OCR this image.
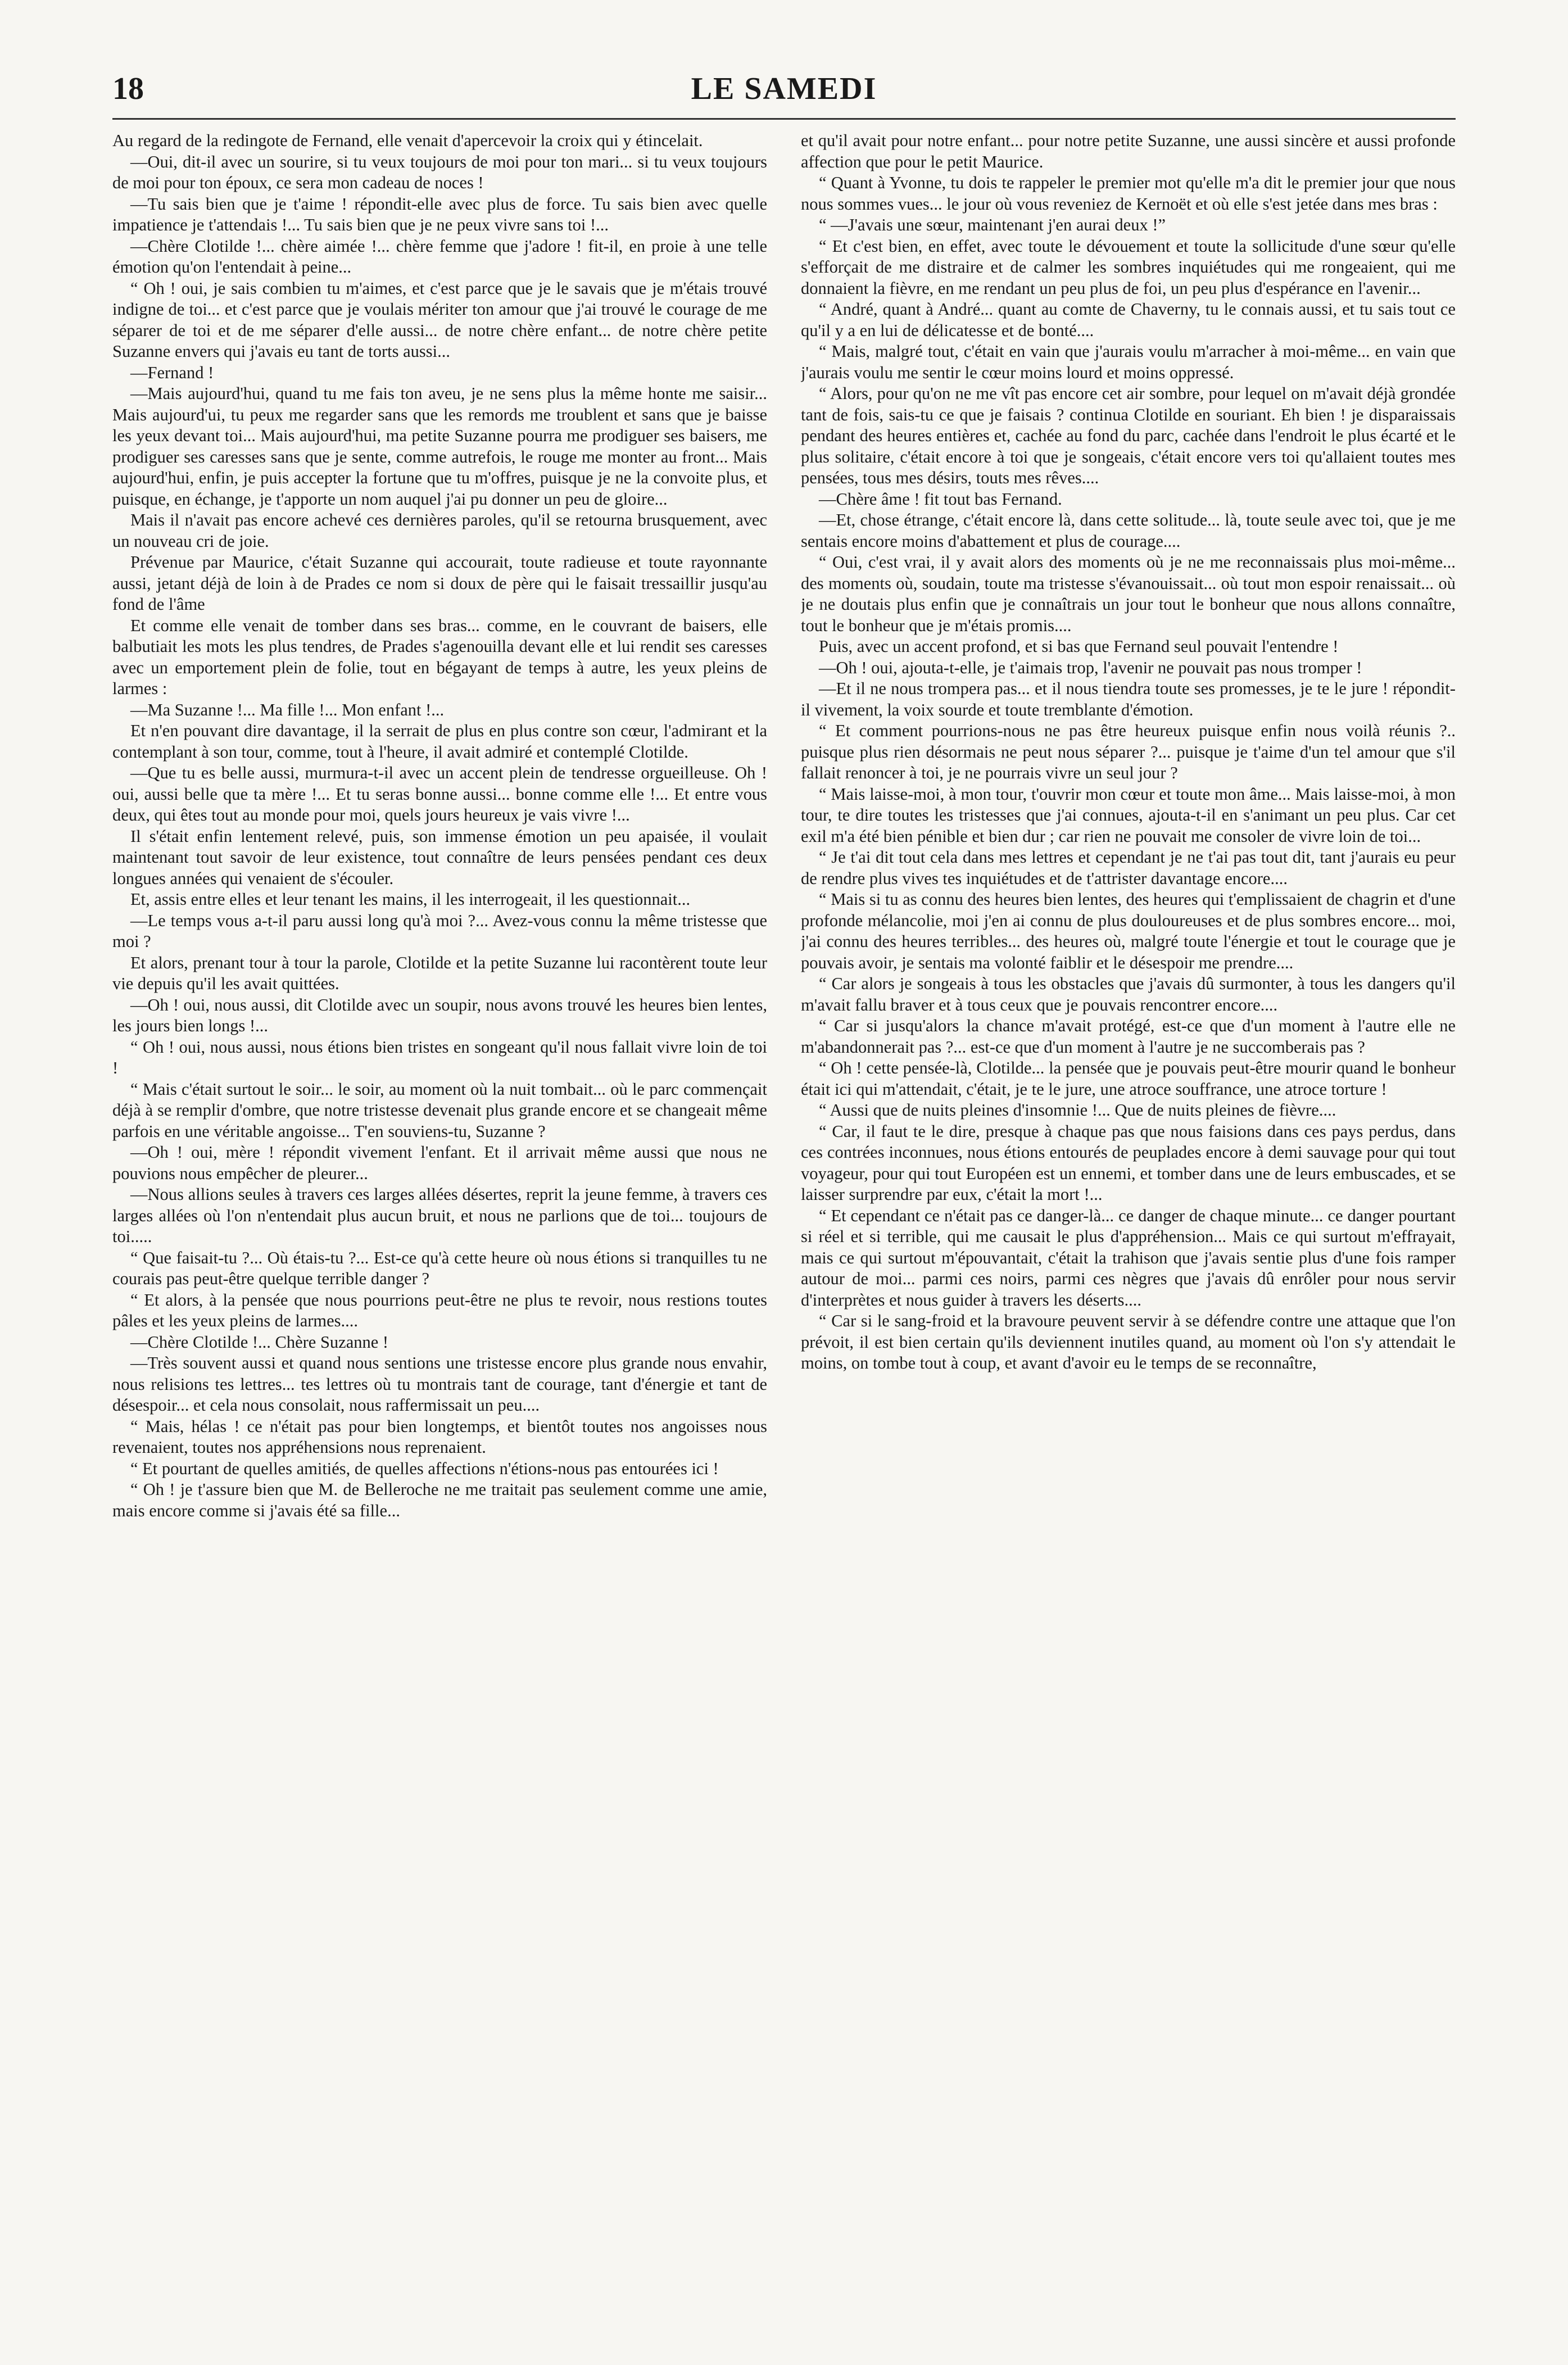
18	LE SAMEDI

Au regard de la redingote de Fernand, elle venait d'apercevoir la croix qui y étincelait.

—Oui, dit-il avec un sourire, si tu veux toujours de moi pour ton mari... si tu veux toujours de moi pour ton époux, ce sera mon cadeau de noces !

—Tu sais bien que je t'aime ! répondit-elle avec plus de force. Tu sais bien avec quelle impatience je t'attendais !... Tu sais bien que je ne peux vivre sans toi !...

—Chère Clotilde !... chère aimée !... chère femme que j'adore ! fit-il, en proie à une telle émotion qu'on l'entendait à peine...

“ Oh ! oui, je sais combien tu m'aimes, et c'est parce que je le savais que je m'étais trouvé indigne de toi... et c'est parce que je voulais mériter ton amour que j'ai trouvé le courage de me séparer de toi et de me séparer d'elle aussi... de notre chère enfant... de notre chère petite Suzanne envers qui j'avais eu tant de torts aussi...

—Fernand !

—Mais aujourd'hui, quand tu me fais ton aveu, je ne sens plus la même honte me saisir... Mais aujourd'ui, tu peux me regarder sans que les remords me troublent et sans que je baisse les yeux devant toi... Mais aujourd'hui, ma petite Suzanne pourra me prodiguer ses baisers, me prodiguer ses caresses sans que je sente, comme autrefois, le rouge me monter au front... Mais aujourd'hui, enfin, je puis accepter la fortune que tu m'offres, puisque je ne la convoite plus, et puisque, en échange, je t'apporte un nom auquel j'ai pu donner un peu de gloire...

Mais il n'avait pas encore achevé ces dernières paroles, qu'il se retourna brusquement, avec un nouveau cri de joie.

Prévenue par Maurice, c'était Suzanne qui accourait, toute radieuse et toute rayonnante aussi, jetant déjà de loin à de Prades ce nom si doux de père qui le faisait tressaillir jusqu'au fond de l'âme

Et comme elle venait de tomber dans ses bras... comme, en le couvrant de baisers, elle balbutiait les mots les plus tendres, de Prades s'agenouilla devant elle et lui rendit ses caresses avec un emportement plein de folie, tout en bégayant de temps à autre, les yeux pleins de larmes :

—Ma Suzanne !... Ma fille !... Mon enfant !...

Et n'en pouvant dire davantage, il la serrait de plus en plus contre son cœur, l'admirant et la contemplant à son tour, comme, tout à l'heure, il avait admiré et contemplé Clotilde.

—Que tu es belle aussi, murmura-t-il avec un accent plein de tendresse orgueilleuse. Oh ! oui, aussi belle que ta mère !... Et tu seras bonne aussi... bonne comme elle !... Et entre vous deux, qui êtes tout au monde pour moi, quels jours heureux je vais vivre !...

Il s'était enfin lentement relevé, puis, son immense émotion un peu apaisée, il voulait maintenant tout savoir de leur existence, tout connaître de leurs pensées pendant ces deux longues années qui venaient de s'écouler.

Et, assis entre elles et leur tenant les mains, il les interrogeait, il les questionnait...

—Le temps vous a-t-il paru aussi long qu'à moi ?... Avez-vous connu la même tristesse que moi ?

Et alors, prenant tour à tour la parole, Clotilde et la petite Suzanne lui racontèrent toute leur vie depuis qu'il les avait quittées.

—Oh ! oui, nous aussi, dit Clotilde avec un soupir, nous avons trouvé les heures bien lentes, les jours bien longs !...

“ Oh ! oui, nous aussi, nous étions bien tristes en songeant qu'il nous fallait vivre loin de toi !

“ Mais c'était surtout le soir... le soir, au moment où la nuit tombait... où le parc commençait déjà à se remplir d'ombre, que notre tristesse devenait plus grande encore et se changeait même parfois en une véritable angoisse... T'en souviens-tu, Suzanne ?

—Oh ! oui, mère ! répondit vivement l'enfant. Et il arrivait même aussi que nous ne pouvions nous empêcher de pleurer...

—Nous allions seules à travers ces larges allées désertes, reprit la jeune femme, à travers ces larges allées où l'on n'entendait plus aucun bruit, et nous ne parlions que de toi... toujours de toi.....

“ Que faisait-tu ?... Où étais-tu ?... Est-ce qu'à cette heure où nous étions si tranquilles tu ne courais pas peut-être quelque terrible danger ?

“ Et alors, à la pensée que nous pourrions peut-être ne plus te revoir, nous restions toutes pâles et les yeux pleins de larmes....

—Chère Clotilde !... Chère Suzanne !

—Très souvent aussi et quand nous sentions une tristesse encore plus grande nous envahir, nous relisions tes lettres... tes lettres où tu montrais tant de courage, tant d'énergie et tant de désespoir... et cela nous consolait, nous raffermissait un peu....

“ Mais, hélas ! ce n'était pas pour bien longtemps, et bientôt toutes nos angoisses nous revenaient, toutes nos appréhensions nous reprenaient.

“ Et pourtant de quelles amitiés, de quelles affections n'étions-nous pas entourées ici !

“ Oh ! je t'assure bien que M. de Belleroche ne me traitait pas seulement comme une amie, mais encore comme si j'avais été sa fille...

et qu'il avait pour notre enfant... pour notre petite Suzanne, une aussi sincère et aussi profonde affection que pour le petit Maurice.

“ Quant à Yvonne, tu dois te rappeler le premier mot qu'elle m'a dit le premier jour que nous nous sommes vues... le jour où vous reveniez de Kernoët et où elle s'est jetée dans mes bras :

“ —J'avais une sœur, maintenant j'en aurai deux !”

“ Et c'est bien, en effet, avec toute le dévouement et toute la sollicitude d'une sœur qu'elle s'efforçait de me distraire et de calmer les sombres inquiétudes qui me rongeaient, qui me donnaient la fièvre, en me rendant un peu plus de foi, un peu plus d'espérance en l'avenir...

“ André, quant à André... quant au comte de Chaverny, tu le connais aussi, et tu sais tout ce qu'il y a en lui de délicatesse et de bonté....

“ Mais, malgré tout, c'était en vain que j'aurais voulu m'arracher à moi-même... en vain que j'aurais voulu me sentir le cœur moins lourd et moins oppressé.

“ Alors, pour qu'on ne me vît pas encore cet air sombre, pour lequel on m'avait déjà grondée tant de fois, sais-tu ce que je faisais ? continua Clotilde en souriant. Eh bien ! je disparaissais pendant des heures entières et, cachée au fond du parc, cachée dans l'endroit le plus écarté et le plus solitaire, c'était encore à toi que je songeais, c'était encore vers toi qu'allaient toutes mes pensées, tous mes désirs, touts mes rêves....

—Chère âme ! fit tout bas Fernand.

—Et, chose étrange, c'était encore là, dans cette solitude... là, toute seule avec toi, que je me sentais encore moins d'abattement et plus de courage....

“ Oui, c'est vrai, il y avait alors des moments où je ne me reconnaissais plus moi-même... des moments où, soudain, toute ma tristesse s'évanouissait... où tout mon espoir renaissait... où je ne doutais plus enfin que je connaîtrais un jour tout le bonheur que nous allons connaître, tout le bonheur que je m'étais promis....

Puis, avec un accent profond, et si bas que Fernand seul pouvait l'entendre !

—Oh ! oui, ajouta-t-elle, je t'aimais trop, l'avenir ne pouvait pas nous tromper !

—Et il ne nous trompera pas... et il nous tiendra toute ses promesses, je te le jure ! répondit-il vivement, la voix sourde et toute tremblante d'émotion.

“ Et comment pourrions-nous ne pas être heureux puisque enfin nous voilà réunis ?.. puisque plus rien désormais ne peut nous séparer ?... puisque je t'aime d'un tel amour que s'il fallait renoncer à toi, je ne pourrais vivre un seul jour ?

“ Mais laisse-moi, à mon tour, t'ouvrir mon cœur et toute mon âme... Mais laisse-moi, à mon tour, te dire toutes les tristesses que j'ai connues, ajouta-t-il en s'animant un peu plus. Car cet exil m'a été bien pénible et bien dur ; car rien ne pouvait me consoler de vivre loin de toi...

“ Je t'ai dit tout cela dans mes lettres et cependant je ne t'ai pas tout dit, tant j'aurais eu peur de rendre plus vives tes inquiétudes et de t'attrister davantage encore....

“ Mais si tu as connu des heures bien lentes, des heures qui t'emplissaient de chagrin et d'une profonde mélancolie, moi j'en ai connu de plus douloureuses et de plus sombres encore... moi, j'ai connu des heures terribles... des heures où, malgré toute l'énergie et tout le courage que je pouvais avoir, je sentais ma volonté faiblir et le désespoir me prendre....

“ Car alors je songeais à tous les obstacles que j'avais dû surmonter, à tous les dangers qu'il m'avait fallu braver et à tous ceux que je pouvais rencontrer encore....

“ Car si jusqu'alors la chance m'avait protégé, est-ce que d'un moment à l'autre elle ne m'abandonnerait pas ?... est-ce que d'un moment à l'autre je ne succomberais pas ?

“ Oh ! cette pensée-là, Clotilde... la pensée que je pouvais peut-être mourir quand le bonheur était ici qui m'attendait, c'était, je te le jure, une atroce souffrance, une atroce torture !

“ Aussi que de nuits pleines d'insomnie !... Que de nuits pleines de fièvre....

“ Car, il faut te le dire, presque à chaque pas que nous faisions dans ces pays perdus, dans ces contrées inconnues, nous étions entourés de peuplades encore à demi sauvage pour qui tout voyageur, pour qui tout Européen est un ennemi, et tomber dans une de leurs embuscades, et se laisser surprendre par eux, c'était la mort !...

“ Et cependant ce n'était pas ce danger-là... ce danger de chaque minute... ce danger pourtant si réel et si terrible, qui me causait le plus d'appréhension... Mais ce qui surtout m'effrayait, mais ce qui surtout m'épouvantait, c'était la trahison que j'avais sentie plus d'une fois ramper autour de moi... parmi ces noirs, parmi ces nègres que j'avais dû enrôler pour nous servir d'interprètes et nous guider à travers les déserts....

“ Car si le sang-froid et la bravoure peuvent servir à se défendre contre une attaque que l'on prévoit, il est bien certain qu'ils deviennent inutiles quand, au moment où l'on s'y attendait le moins, on tombe tout à coup, et avant d'avoir eu le temps de se reconnaître,
